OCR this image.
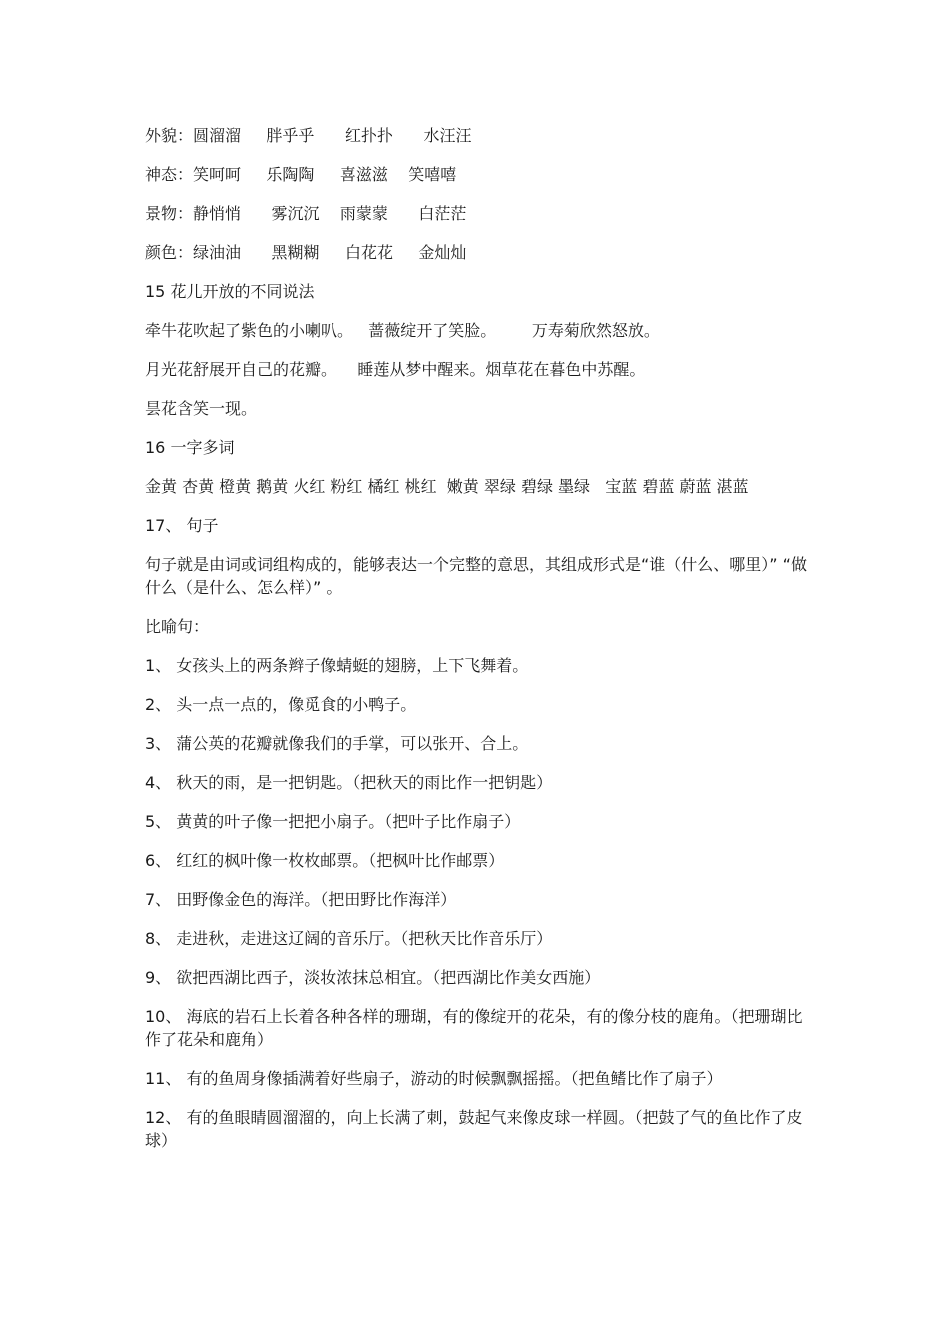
外貌：圆溜溜     胖乎乎      红扑扑      水汪汪
神态：笑呵呵     乐陶陶     喜滋滋    笑嘻嘻
景物：静悄悄      雾沉沉    雨蒙蒙      白茫茫
颜色：绿油油      黑糊糊     白花花     金灿灿
15 花儿开放的不同说法
牵牛花吹起了紫色的小喇叭。   蔷薇绽开了笑脸。       万寿菊欣然怒放。
月光花舒展开自己的花瓣。    睡莲从梦中醒来。烟草花在暮色中苏醒。
昙花含笑一现。
16 一字多词
金黄 杏黄 橙黄 鹅黄 火红 粉红 橘红 桃红  嫩黄 翠绿 碧绿 墨绿   宝蓝 碧蓝 蔚蓝 湛蓝
17、 句子
句子就是由词或词组构成的，能够表达一个完整的意思，其组成形式是“谁（什么、哪里）” “做什么（是什么、怎么样）” 。
比喻句：
1、 女孩头上的两条辫子像蜻蜓的翅膀，上下飞舞着。
2、 头一点一点的，像觅食的小鸭子。
3、 蒲公英的花瓣就像我们的手掌，可以张开、合上。
4、 秋天的雨，是一把钥匙。（把秋天的雨比作一把钥匙）
5、 黄黄的叶子像一把把小扇子。（把叶子比作扇子）
6、 红红的枫叶像一枚枚邮票。（把枫叶比作邮票）
7、 田野像金色的海洋。（把田野比作海洋）
8、 走进秋，走进这辽阔的音乐厅。（把秋天比作音乐厅）
9、 欲把西湖比西子，淡妆浓抹总相宜。（把西湖比作美女西施）
10、 海底的岩石上长着各种各样的珊瑚，有的像绽开的花朵，有的像分枝的鹿角。（把珊瑚比作了花朵和鹿角）
11、 有的鱼周身像插满着好些扇子，游动的时候飘飘摇摇。（把鱼鳍比作了扇子）
12、 有的鱼眼睛圆溜溜的，向上长满了刺，鼓起气来像皮球一样圆。（把鼓了气的鱼比作了皮球）
